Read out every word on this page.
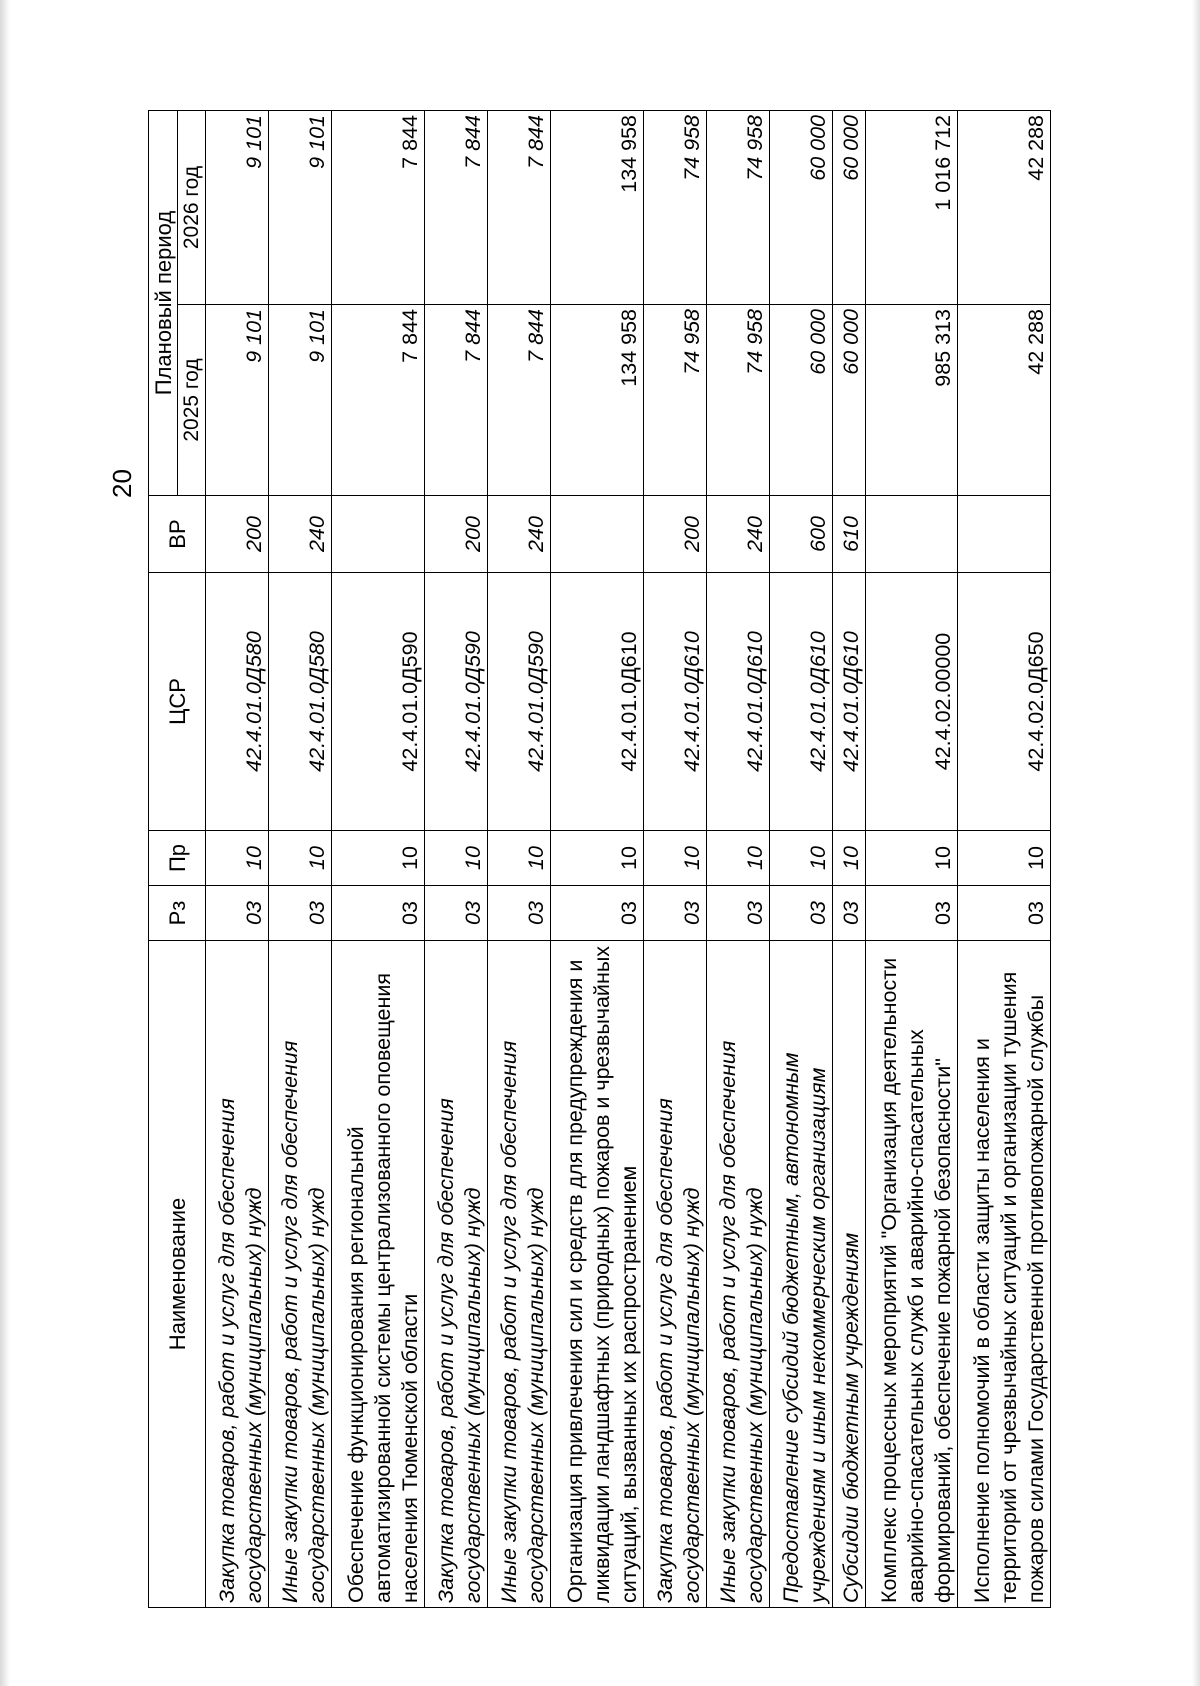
20
Наименование	Рз	Пр	ЦСР	ВР	Плановый период	
					2025 год	2026 год
Закупка товаров, работ и услуг для обеспечения государственных (муниципальных) нужд	03	10	42.4.01.0Д580	200	9 101	9 101
Иные закупки товаров, работ и услуг для обеспечения государственных (муниципальных) нужд	03	10	42.4.01.0Д580	240	9 101	9 101
Обеспечение функционирования региональной автоматизированной системы централизованного оповещения населения Тюменской области	03	10	42.4.01.0Д590		7 844	7 844
Закупка товаров, работ и услуг для обеспечения государственных (муниципальных) нужд	03	10	42.4.01.0Д590	200	7 844	7 844
Иные закупки товаров, работ и услуг для обеспечения государственных (муниципальных) нужд	03	10	42.4.01.0Д590	240	7 844	7 844
Организация привлечения сил и средств для предупреждения и ликвидации ландшафтных (природных) пожаров и чрезвычайных ситуаций, вызванных их распространением	03	10	42.4.01.0Д610		134 958	134 958
Закупка товаров, работ и услуг для обеспечения государственных (муниципальных) нужд	03	10	42.4.01.0Д610	200	74 958	74 958
Иные закупки товаров, работ и услуг для обеспечения государственных (муниципальных) нужд	03	10	42.4.01.0Д610	240	74 958	74 958
Предоставление субсидий бюджетным, автономным учреждениям и иным некоммерческим организациям	03	10	42.4.01.0Д610	600	60 000	60 000
Субсидии бюджетным учреждениям	03	10	42.4.01.0Д610	610	60 000	60 000
Комплекс процессных мероприятий "Организация деятельности аварийно-спасательных служб и аварийно-спасательных формирований, обеспечение пожарной безопасности"	03	10	42.4.02.00000		985 313	1 016 712
Исполнение полномочий в области защиты населения и территорий от чрезвычайных ситуаций и организации тушения пожаров силами Государственной противопожарной службы	03	10	42.4.02.0Д650		42 288	42 288
